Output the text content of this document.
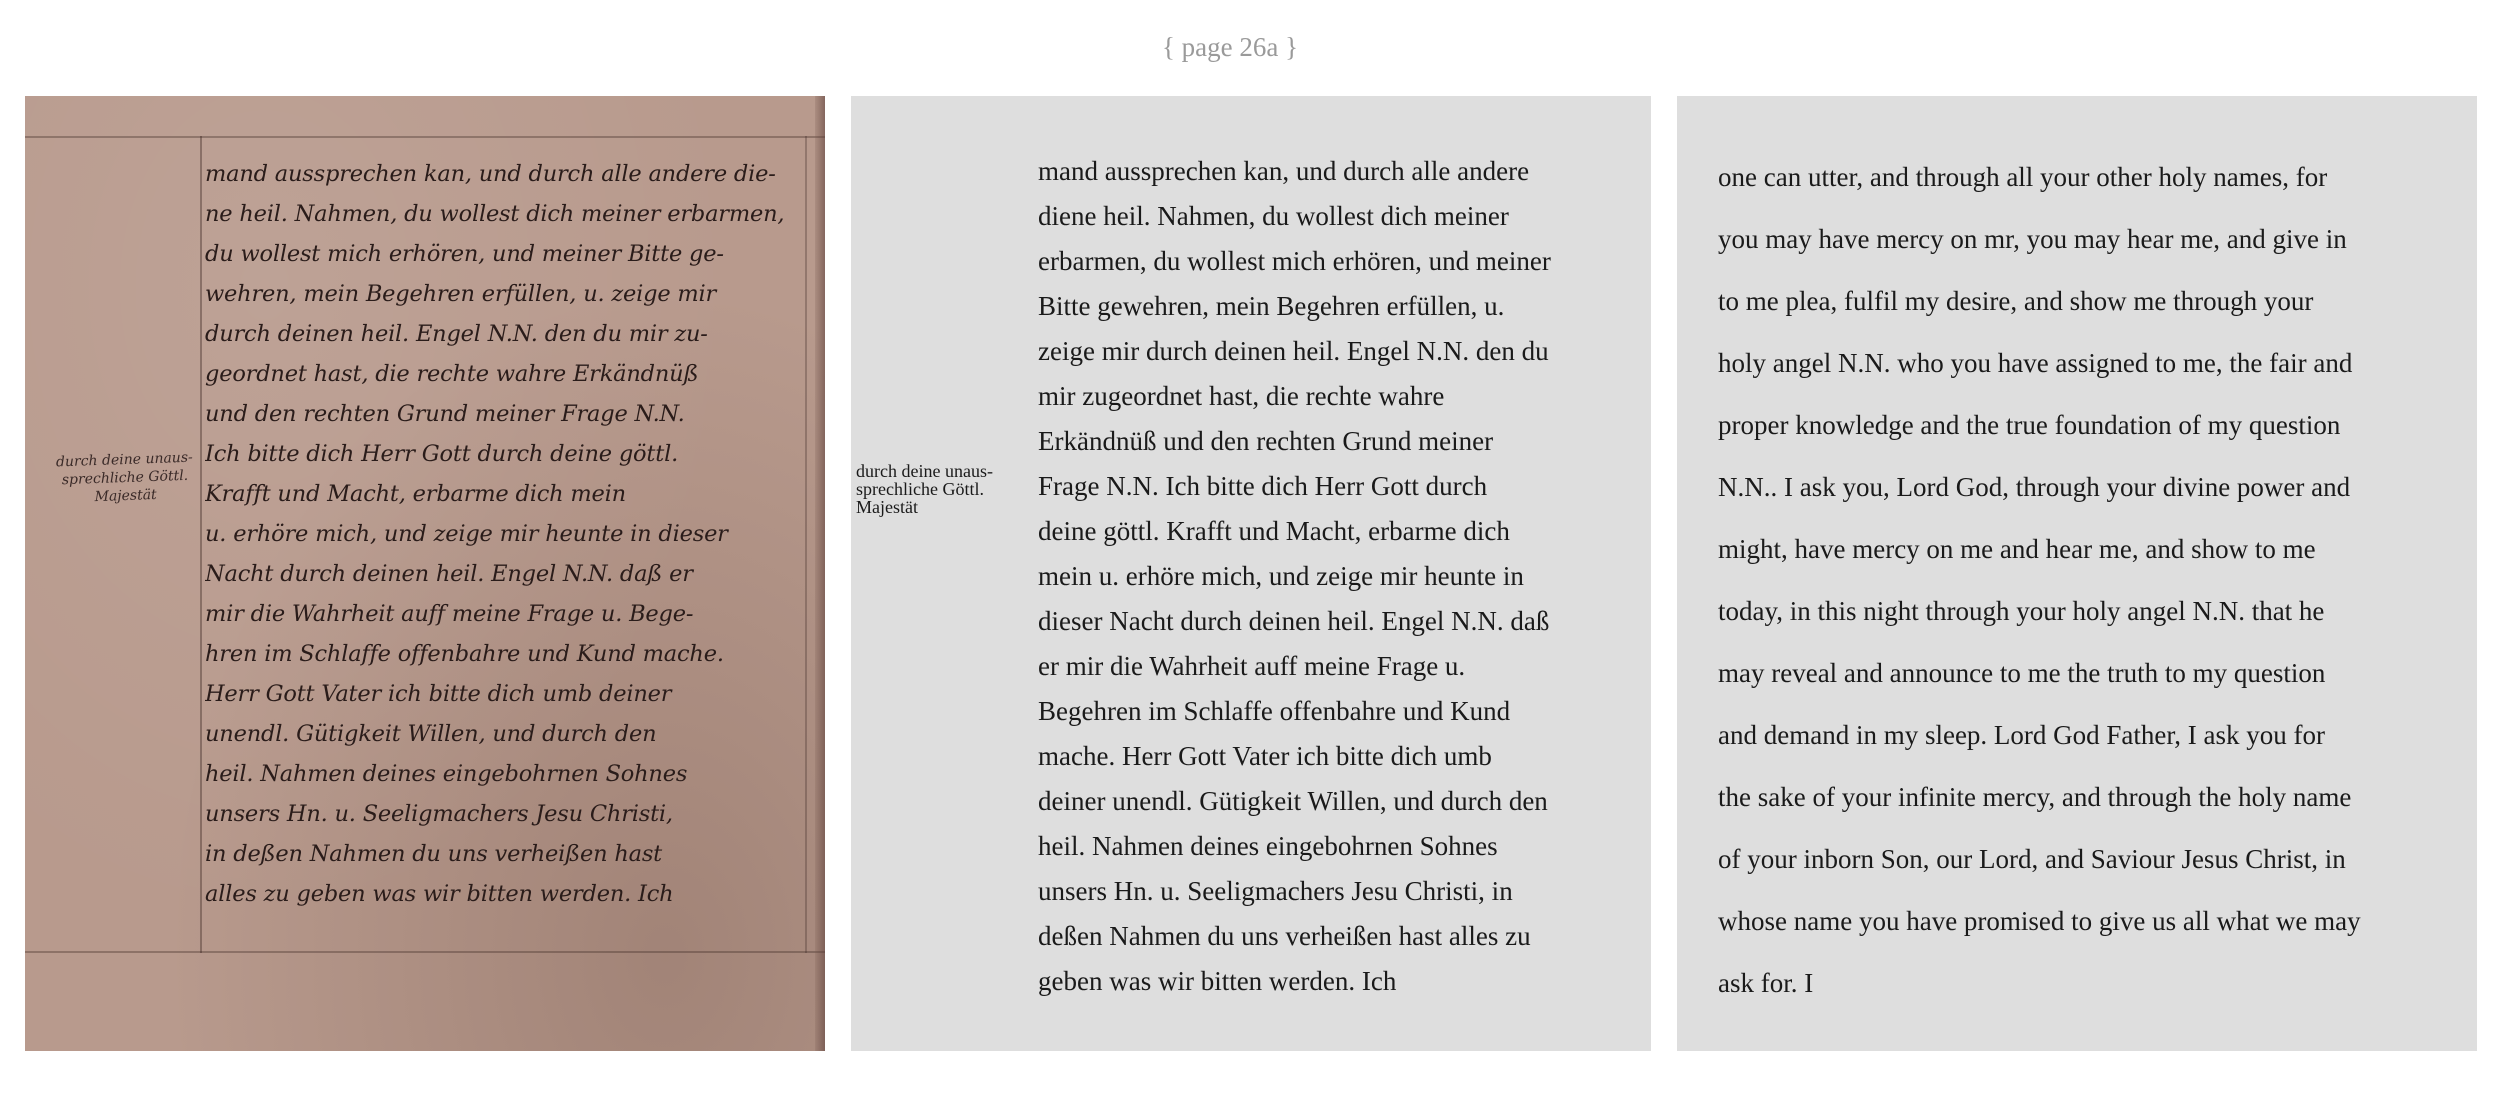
{ page 26a }
durch deine unaus-
sprechliche Göttl.
Majestät
mand aussprechen kan, und durch alle andere die-
ne heil. Nahmen, du wollest dich meiner erbarmen,
du wollest mich erhören, und meiner Bitte ge-
wehren, mein Begehren erfüllen, u. zeige mir
durch deinen heil. Engel N.N. den du mir zu-
geordnet hast, die rechte wahre Erkändnüß
und den rechten Grund meiner Frage N.N.
Ich bitte dich Herr Gott durch deine göttl.
Krafft und Macht, erbarme dich mein
u. erhöre mich, und zeige mir heunte in dieser
Nacht durch deinen heil. Engel N.N. daß er
mir die Wahrheit auff meine Frage u. Bege-
hren im Schlaffe offenbahre und Kund mache.
Herr Gott Vater ich bitte dich umb deiner
unendl. Gütigkeit Willen, und durch den
heil. Nahmen deines eingebohrnen Sohnes
unsers Hn. u. Seeligmachers Jesu Christi,
in deßen Nahmen du uns verheißen hast
alles zu geben was wir bitten werden. Ich
durch deine unaus-
sprechliche Göttl.
Majestät
mand aussprechen kan, und durch alle andere
diene heil. Nahmen, du wollest dich meiner
erbarmen, du wollest mich erhören, und meiner
Bitte gewehren, mein Begehren erfüllen, u.
zeige mir durch deinen heil. Engel N.N. den du
mir zugeordnet hast, die rechte wahre
Erkändnüß und den rechten Grund meiner
Frage N.N. Ich bitte dich Herr Gott durch
deine göttl. Krafft und Macht, erbarme dich
mein u. erhöre mich, und zeige mir heunte in
dieser Nacht durch deinen heil. Engel N.N. daß
er mir die Wahrheit auff meine Frage u.
Begehren im Schlaffe offenbahre und Kund
mache. Herr Gott Vater ich bitte dich umb
deiner unendl. Gütigkeit Willen, und durch den
heil. Nahmen deines eingebohrnen Sohnes
unsers Hn. u. Seeligmachers Jesu Christi, in
deßen Nahmen du uns verheißen hast alles zu
geben was wir bitten werden. Ich
one can utter, and through all your other holy names, for
you may have mercy on mr, you may hear me, and give in
to me plea, fulfil my desire, and show me through your
holy angel N.N. who you have assigned to me, the fair and
proper knowledge and the true foundation of my question
N.N.. I ask you, Lord God, through your divine power and
might, have mercy on me and hear me, and show to me
today, in this night through your holy angel N.N. that he
may reveal and announce to me the truth to my question
and demand in my sleep. Lord God Father, I ask you for
the sake of your infinite mercy, and through the holy name
of your inborn Son, our Lord, and Saviour Jesus Christ, in
whose name you have promised to give us all what we may
ask for. I
